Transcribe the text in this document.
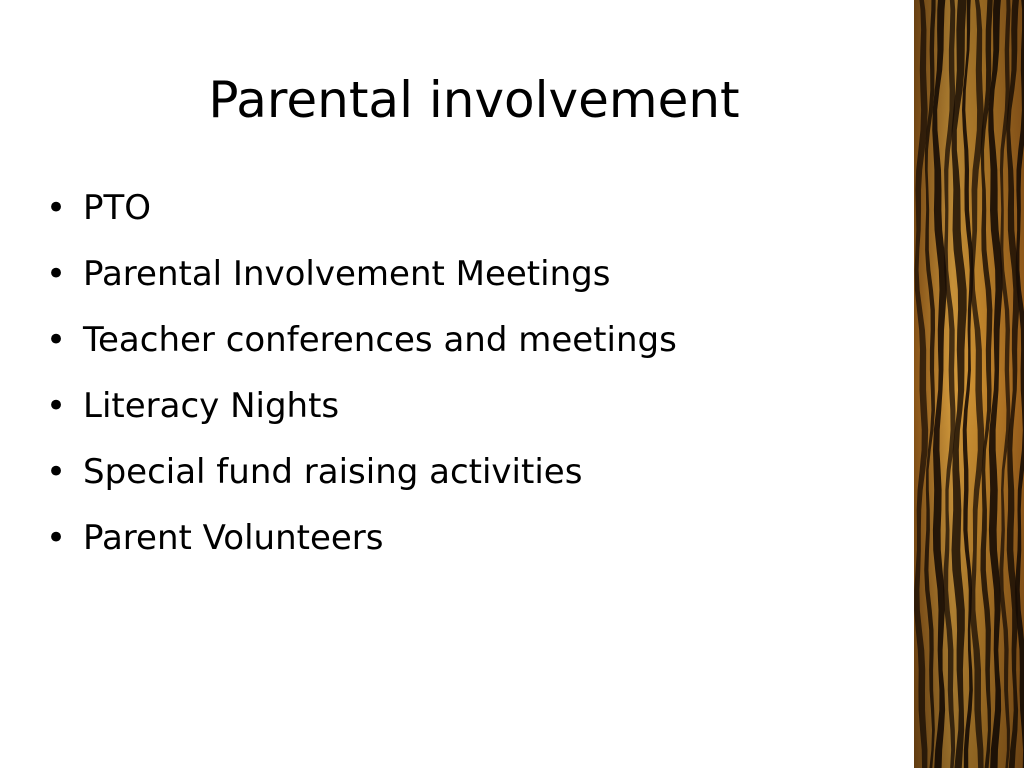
Parental involvement
• PTO
• Parental Involvement Meetings
• Teacher conferences and meetings
• Literacy Nights
• Special fund raising activities
• Parent Volunteers
